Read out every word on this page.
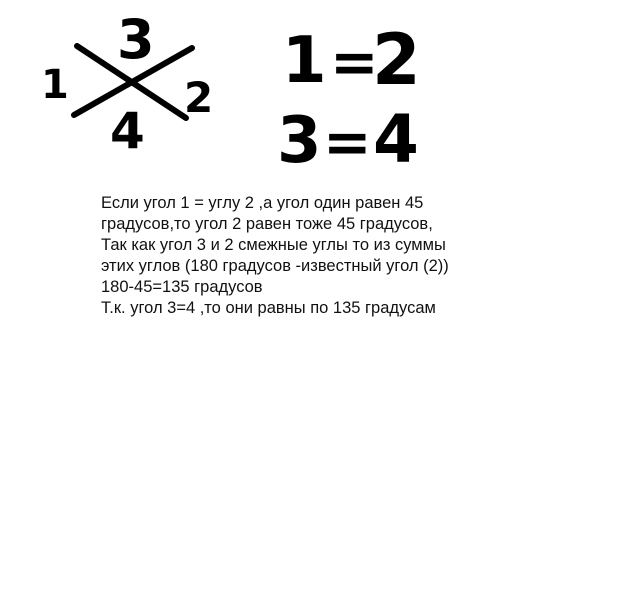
1
3
2
4
1 =
2
3 = 4
Если угол 1 = углу 2 ,а угол один равен 45
градусов,то угол 2 равен тоже 45 градусов,
Так как угол 3 и 2 смежные углы то из суммы
этих углов (180 градусов -известный угол (2))
180-45=135 градусов
Т.к. угол 3=4 ,то они равны по 135 градусам
